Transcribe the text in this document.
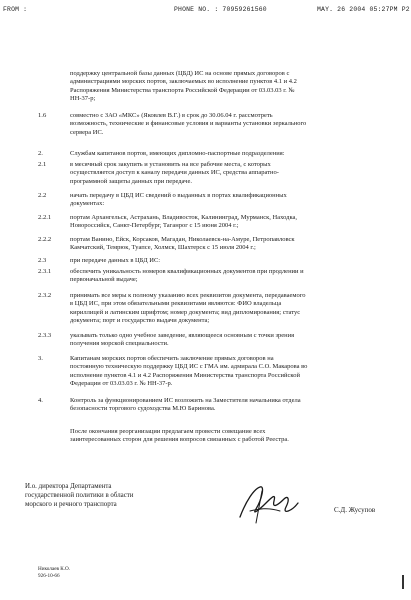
FROM :	PHONE NO. : 70959261560	MAY. 26 2004 05:27PM P2

поддержку центральной базы данных (ЦБД) ИС на основе прямых договоров с

администрациями морских портов, заключаемых во исполнение пунктов 4.1 и 4.2

Распоряжения Министерства транспорта Российской Федерации от 03.03.03 г. №

НН-37-р;

1.6	совместно с ЗАО «МКС» (Яковлев В.Г.) в срок до 30.06.04 г. рассмотреть

возможность, технические и финансовые условия и варианты установки зеркального

сервера ИС.

2.	Службам капитанов портов, имеющих дипломно-паспортные подразделения:

2.1	в месячный срок закупить и установить на все рабочие места, с которых

осуществляется доступ к каналу передачи данных ИС, средства аппаратно-

программной защиты данных при передаче.

2.2	начать передачу в ЦБД ИС сведений о выданных в портах квалификационных

документах:

2.2.1	портам Архангельск, Астрахань, Владивосток, Калининград, Мурманск, Находка,

Новороссийск, Санкт-Петербург, Таганрог с 15 июня 2004 г.;

2.2.2	портам Ванино, Ейск, Корсаков, Магадан, Николаевск-на-Амуре, Петропавловск

Камчатский, Темрюк, Туапсе, Холмск, Шахтерск с 15 июля 2004 г.;

2.3	при передаче данных в ЦБД ИС:

2.3.1	обеспечить уникальность номеров квалификационных документов при продлении и

первоначальной выдаче;

2.3.2	принимать все меры к полному указанию всех реквизитов документа, передаваемого

в ЦБД ИС, при этом обязательными реквизитами являются: ФИО владельца

кириллицей и латинским шрифтом; номер документа; вид дипломирования; статус

документа; порт и государство выдачи документа;

2.3.3	указывать только одно учебное заведение, являющееся основным с точки зрения

получения морской специальности.

3.	Капитанам морских портов обеспечить заключение прямых договоров на

постоянную техническую поддержку ЦБД ИС с ГМА им. адмирала С.О. Макарова во

исполнение пунктов 4.1 и 4.2 Распоряжения Министерства транспорта Российской

Федерации от 03.03.03 г. № НН-37-р.

4.	Контроль за функционированием ИС возложить на Заместителя начальника отдела

безопасности торгового судоходства М.Ю Баринова.

После окончания реорганизации предлагаем провести совещание всех

заинтересованных сторон для решения вопросов связанных с работой Реестра.

И.о. директора Департамента
государственной политики в области
морского и речного транспорта
С.Д. Жусупов
Николаев К.О.
926-10-66
